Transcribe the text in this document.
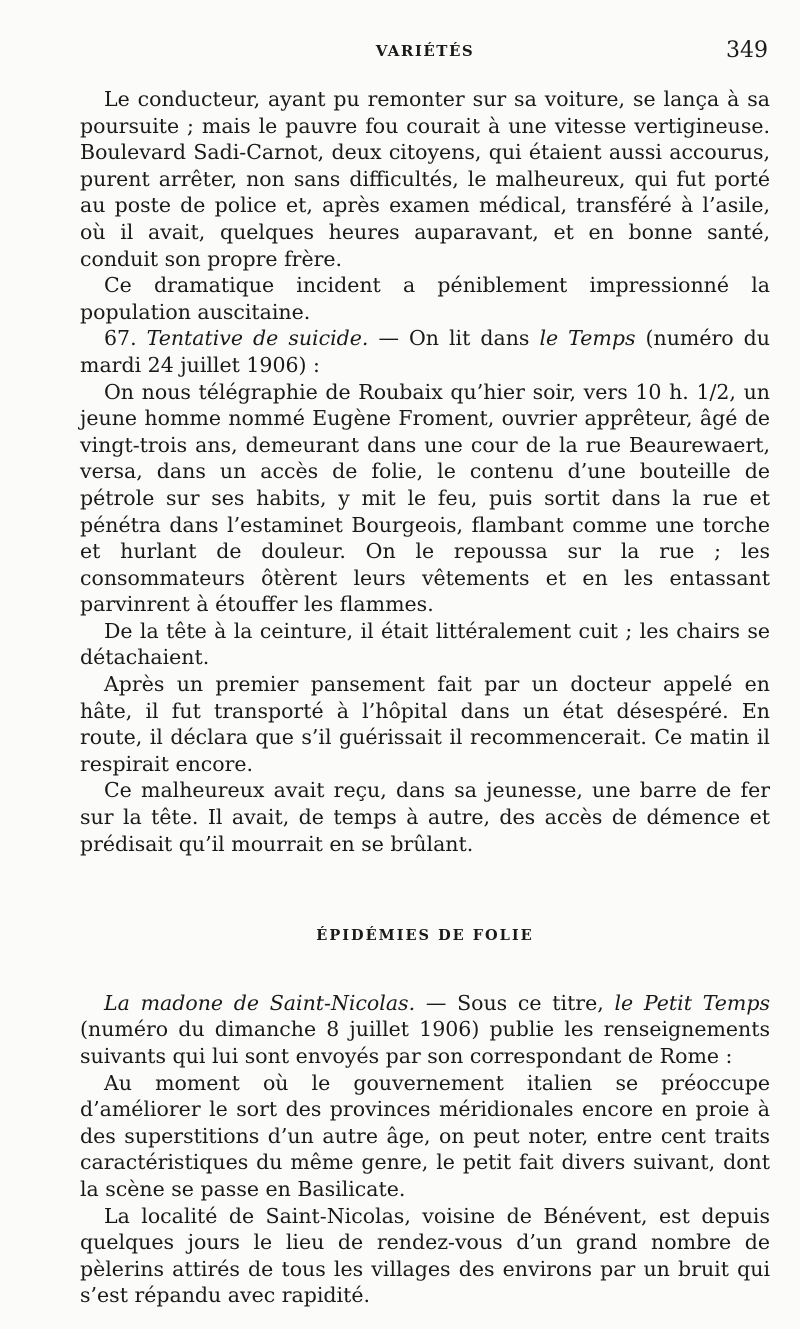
VARIÉTÉS	349

Le conducteur, ayant pu remonter sur sa voiture, se lança à sa poursuite ; mais le pauvre fou courait à une vitesse vertigineuse. Boulevard Sadi-Carnot, deux citoyens, qui étaient aussi accourus, purent arrêter, non sans difficultés, le malheureux, qui fut porté au poste de police et, après examen médical, transféré à l’asile, où il avait, quelques heures auparavant, et en bonne santé, conduit son propre frère.

Ce dramatique incident a péniblement impressionné la population auscitaine.

67. Tentative de suicide. — On lit dans le Temps (numéro du mardi 24 juillet 1906) :

On nous télégraphie de Roubaix qu’hier soir, vers 10 h. 1/2, un jeune homme nommé Eugène Froment, ouvrier apprêteur, âgé de vingt-trois ans, demeurant dans une cour de la rue Beaurewaert, versa, dans un accès de folie, le contenu d’une bouteille de pétrole sur ses habits, y mit le feu, puis sortit dans la rue et pénétra dans l’estaminet Bourgeois, flambant comme une torche et hurlant de douleur. On le repoussa sur la rue ; les consommateurs ôtèrent leurs vêtements et en les entassant parvinrent à étouffer les flammes.

De la tête à la ceinture, il était littéralement cuit ; les chairs se détachaient.

Après un premier pansement fait par un docteur appelé en hâte, il fut transporté à l’hôpital dans un état désespéré. En route, il déclara que s’il guérissait il recommencerait. Ce matin il respirait encore.

Ce malheureux avait reçu, dans sa jeunesse, une barre de fer sur la tête. Il avait, de temps à autre, des accès de démence et prédisait qu’il mourrait en se brûlant.

ÉPIDÉMIES DE FOLIE

La madone de Saint-Nicolas. — Sous ce titre, le Petit Temps (numéro du dimanche 8 juillet 1906) publie les renseignements suivants qui lui sont envoyés par son correspondant de Rome :

Au moment où le gouvernement italien se préoccupe d’améliorer le sort des provinces méridionales encore en proie à des superstitions d’un autre âge, on peut noter, entre cent traits caractéristiques du même genre, le petit fait divers suivant, dont la scène se passe en Basilicate.

La localité de Saint-Nicolas, voisine de Bénévent, est depuis quelques jours le lieu de rendez-vous d’un grand nombre de pèlerins attirés de tous les villages des environs par un bruit qui s’est répandu avec rapidité.
